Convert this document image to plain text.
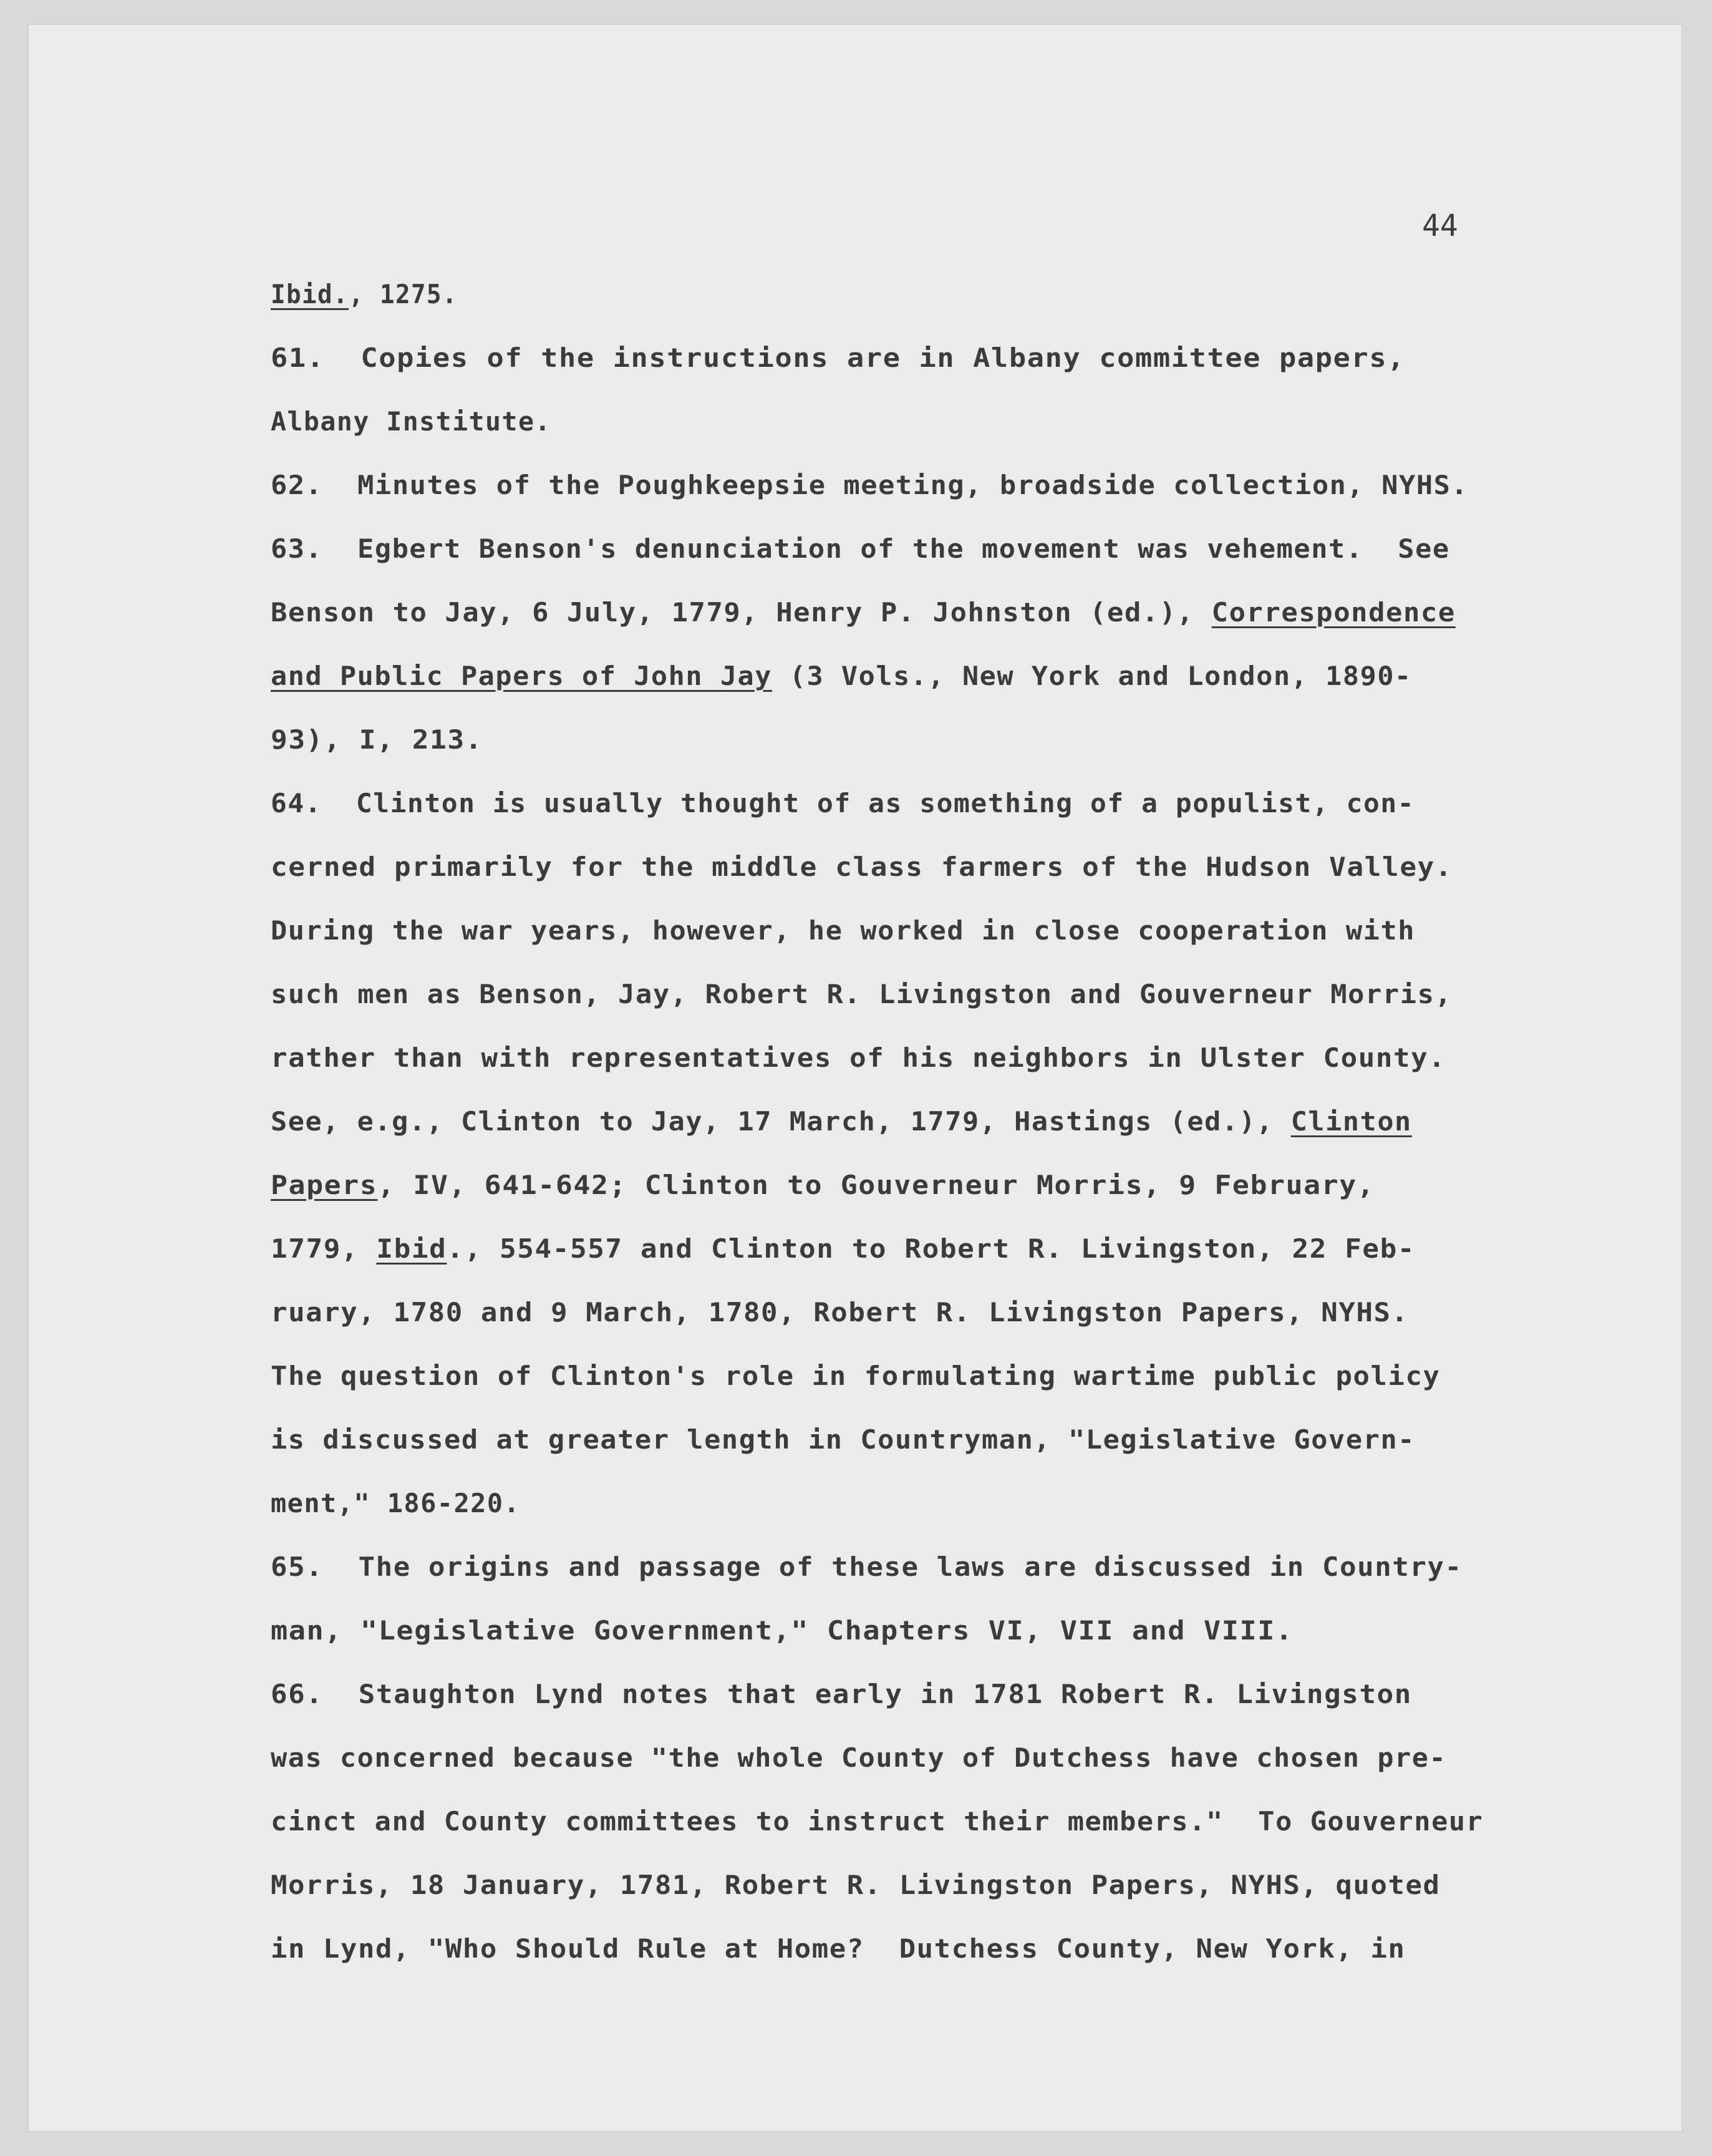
44

Ibid., 1275.

61.  Copies of the instructions are in Albany committee papers,

Albany Institute.

62.  Minutes of the Poughkeepsie meeting, broadside collection, NYHS.

63.  Egbert Benson's denunciation of the movement was vehement.  See

Benson to Jay, 6 July, 1779, Henry P. Johnston (ed.), Correspondence

and Public Papers of John Jay (3 Vols., New York and London, 1890-

93), I, 213.

64.  Clinton is usually thought of as something of a populist, con-

cerned primarily for the middle class farmers of the Hudson Valley.

During the war years, however, he worked in close cooperation with

such men as Benson, Jay, Robert R. Livingston and Gouverneur Morris,

rather than with representatives of his neighbors in Ulster County.

See, e.g., Clinton to Jay, 17 March, 1779, Hastings (ed.), Clinton

Papers, IV, 641-642; Clinton to Gouverneur Morris, 9 February,

1779, Ibid., 554-557 and Clinton to Robert R. Livingston, 22 Feb-

ruary, 1780 and 9 March, 1780, Robert R. Livingston Papers, NYHS.

The question of Clinton's role in formulating wartime public policy

is discussed at greater length in Countryman, "Legislative Govern-

ment," 186-220.

65.  The origins and passage of these laws are discussed in Country-

man, "Legislative Government," Chapters VI, VII and VIII.

66.  Staughton Lynd notes that early in 1781 Robert R. Livingston

was concerned because "the whole County of Dutchess have chosen pre-

cinct and County committees to instruct their members."  To Gouverneur

Morris, 18 January, 1781, Robert R. Livingston Papers, NYHS, quoted

in Lynd, "Who Should Rule at Home?  Dutchess County, New York, in
